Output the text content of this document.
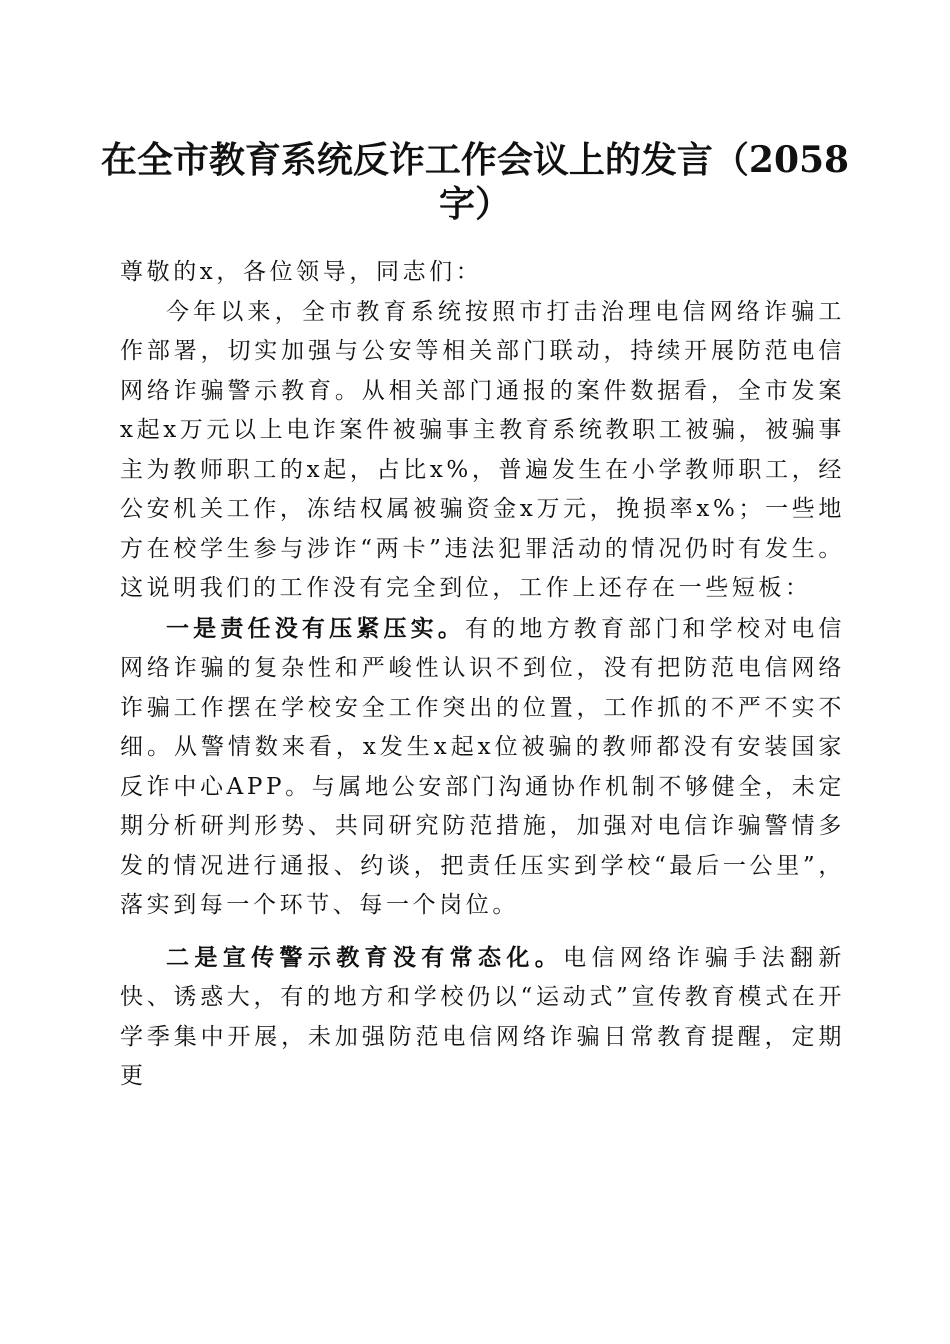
在全市教育系统反诈工作会议上的发言（2058字）

尊敬的x，各位领导，同志们：

今年以来，全市教育系统按照市打击治理电信网络诈骗工作部署，切实加强与公安等相关部门联动，持续开展防范电信网络诈骗警示教育。从相关部门通报的案件数据看，全市发案x起x万元以上电诈案件被骗事主教育系统教职工被骗，被骗事主为教师职工的x起，占比x%，普遍发生在小学教师职工，经公安机关工作，冻结权属被骗资金x万元，挽损率x%；一些地方在校学生参与涉诈“两卡”违法犯罪活动的情况仍时有发生。这说明我们的工作没有完全到位，工作上还存在一些短板：

一是责任没有压紧压实。有的地方教育部门和学校对电信网络诈骗的复杂性和严峻性认识不到位，没有把防范电信网络诈骗工作摆在学校安全工作突出的位置，工作抓的不严不实不细。从警情数来看，x发生x起x位被骗的教师都没有安装国家反诈中心APP。与属地公安部门沟通协作机制不够健全，未定期分析研判形势、共同研究防范措施，加强对电信诈骗警情多发的情况进行通报、约谈，把责任压实到学校“最后一公里”，落实到每一个环节、每一个岗位。

二是宣传警示教育没有常态化。电信网络诈骗手法翻新快、诱惑大，有的地方和学校仍以“运动式”宣传教育模式在开学季集中开展，未加强防范电信网络诈骗日常教育提醒，定期更
